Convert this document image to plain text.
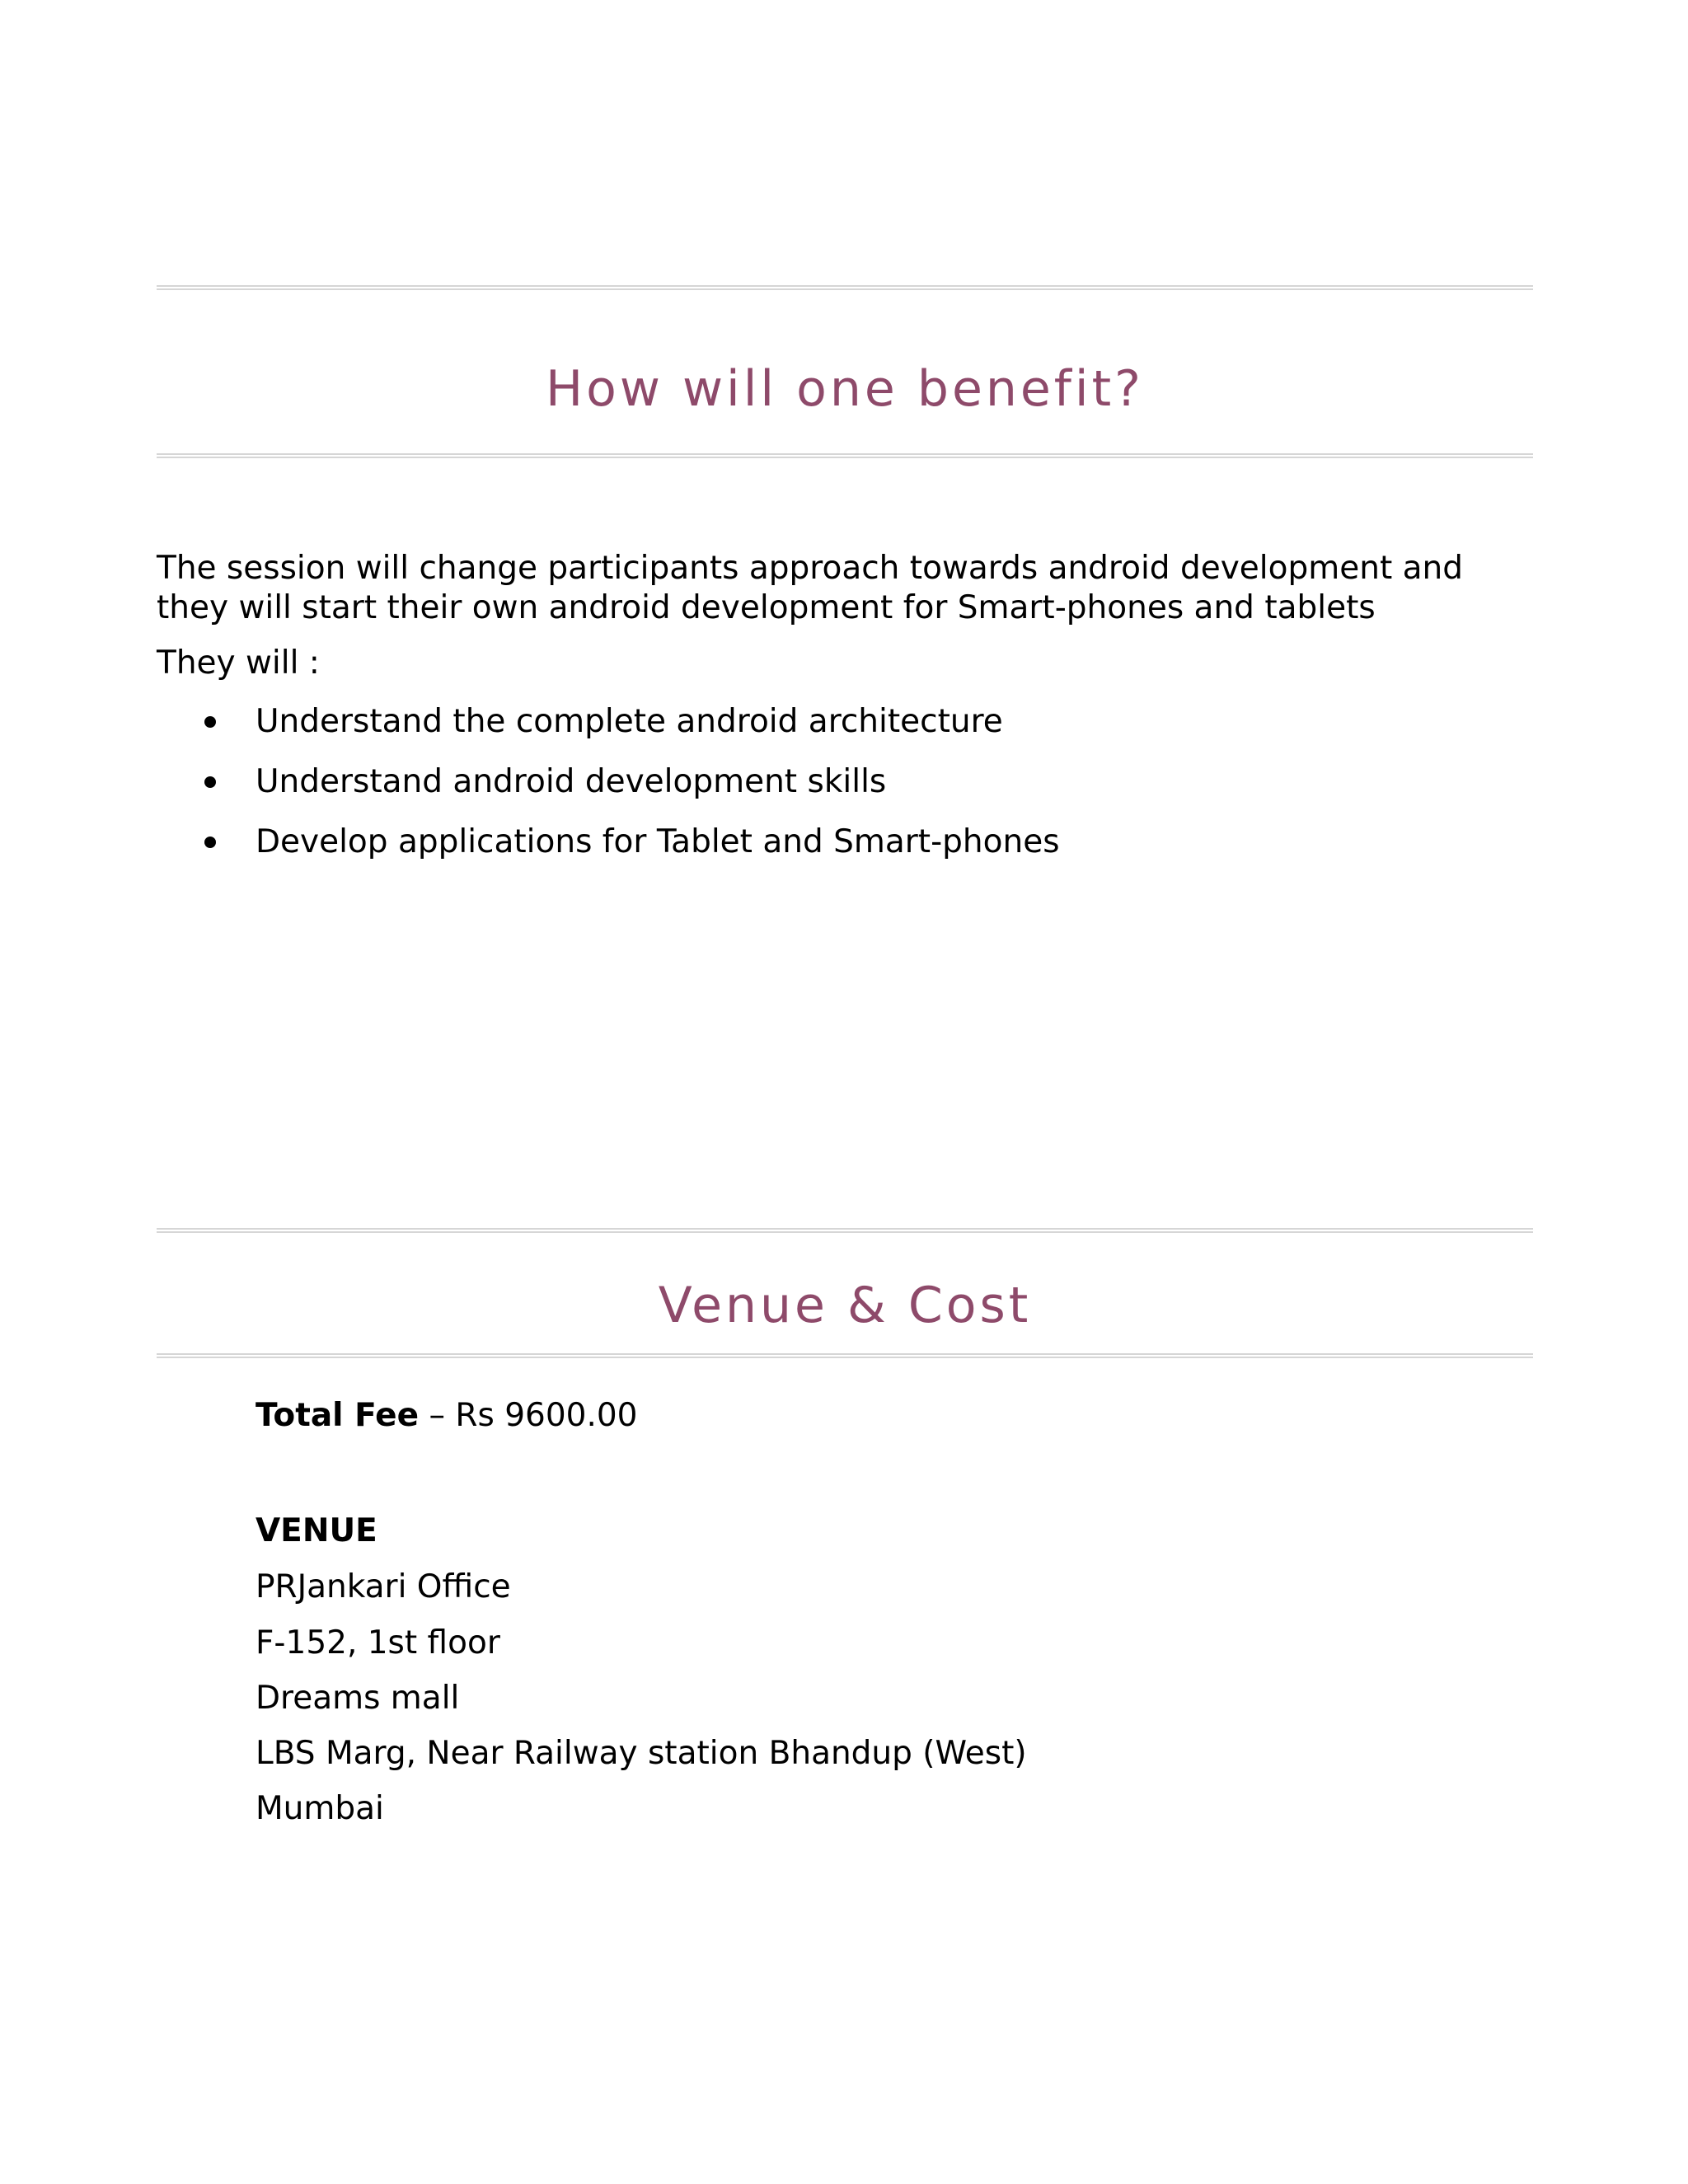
How will one benefit?
The session will change participants approach towards android development and they will start their own android development for Smart-phones and tablets
They will :
Understand the complete android architecture
Understand android development skills
Develop applications for Tablet and Smart-phones
Venue & Cost
Total Fee – Rs 9600.00
VENUE
PRJankari Office
F-152, 1st floor
Dreams mall
LBS Marg, Near Railway station Bhandup (West)
Mumbai
